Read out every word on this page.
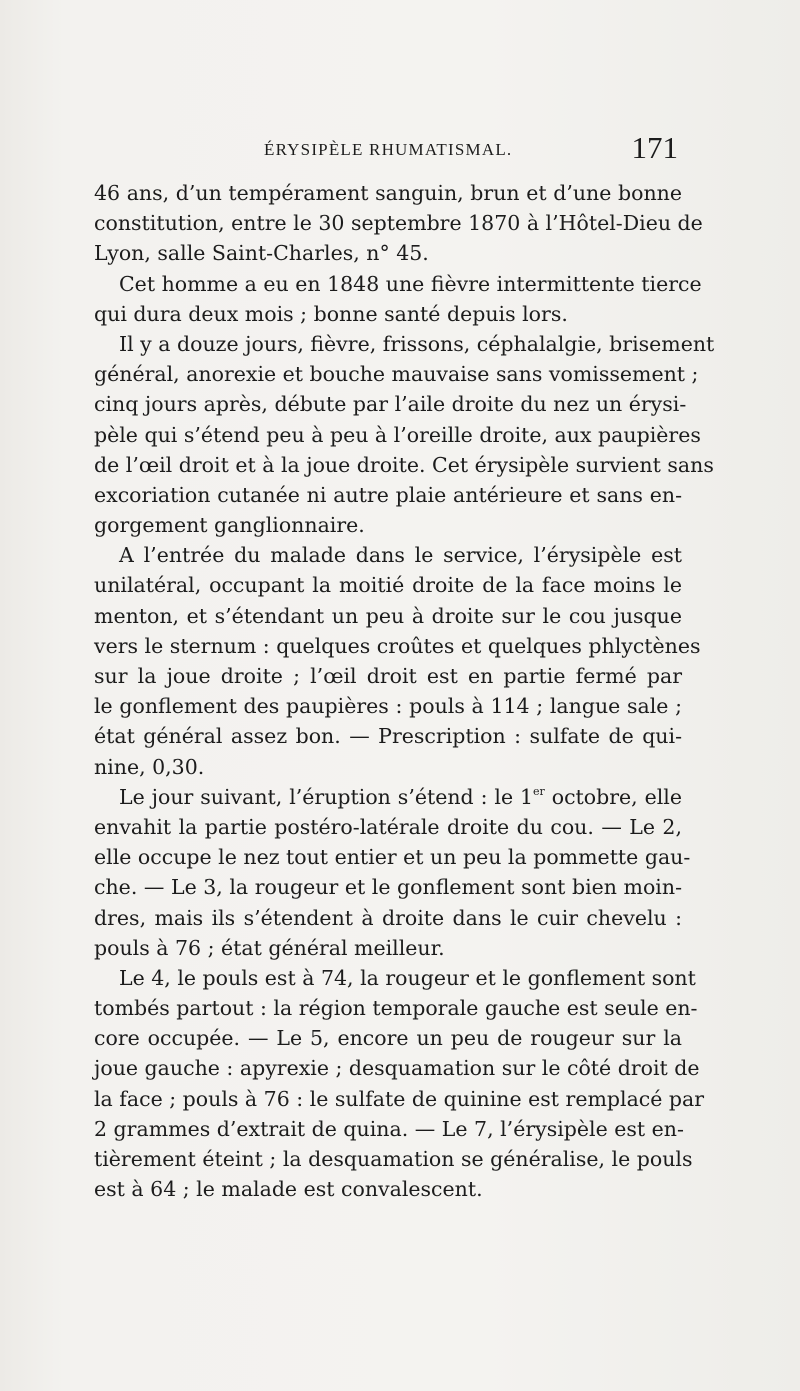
ÉRYSIPÈLE RHUMATISMAL.	171
46 ans, d’un tempérament sanguin, brun et d’une bonne
constitution, entre le 30 septembre 1870 à l’Hôtel-Dieu de
Lyon, salle Saint-Charles, n° 45.
Cet homme a eu en 1848 une fièvre intermittente tierce
qui dura deux mois ; bonne santé depuis lors.
Il y a douze jours, fièvre, frissons, céphalalgie, brisement
général, anorexie et bouche mauvaise sans vomissement ;
cinq jours après, débute par l’aile droite du nez un érysi-
pèle qui s’étend peu à peu à l’oreille droite, aux paupières
de l’œil droit et à la joue droite. Cet érysipèle survient sans
excoriation cutanée ni autre plaie antérieure et sans en-
gorgement ganglionnaire.
A l’entrée du malade dans le service, l’érysipèle est
unilatéral, occupant la moitié droite de la face moins le
menton, et s’étendant un peu à droite sur le cou jusque
vers le sternum : quelques croûtes et quelques phlyctènes
sur la joue droite ; l’œil droit est en partie fermé par
le gonflement des paupières : pouls à 114 ; langue sale ;
état général assez bon. — Prescription : sulfate de qui-
nine, 0,30.
Le jour suivant, l’éruption s’étend : le 1er octobre, elle
envahit la partie postéro-latérale droite du cou. — Le 2,
elle occupe le nez tout entier et un peu la pommette gau-
che. — Le 3, la rougeur et le gonflement sont bien moin-
dres, mais ils s’étendent à droite dans le cuir chevelu :
pouls à 76 ; état général meilleur.
Le 4, le pouls est à 74, la rougeur et le gonflement sont
tombés partout : la région temporale gauche est seule en-
core occupée. — Le 5, encore un peu de rougeur sur la
joue gauche : apyrexie ; desquamation sur le côté droit de
la face ; pouls à 76 : le sulfate de quinine est remplacé par
2 grammes d’extrait de quina. — Le 7, l’érysipèle est en-
tièrement éteint ; la desquamation se généralise, le pouls
est à 64 ; le malade est convalescent.
